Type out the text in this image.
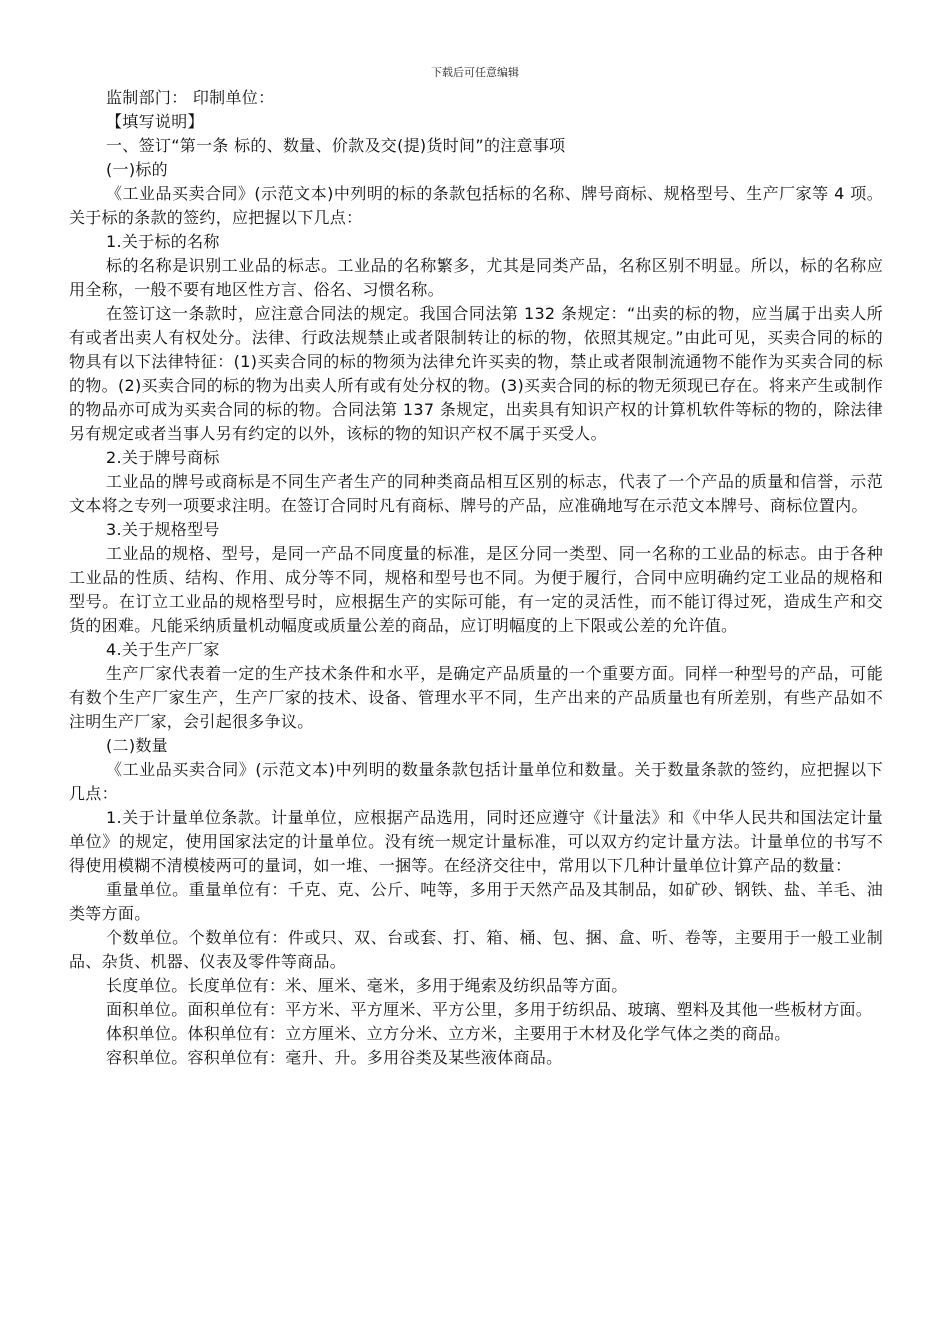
下载后可任意编辑

监制部门： 印制单位：

【填写说明】

一、签订“第一条 标的、数量、价款及交(提)货时间”的注意事项

(一)标的

《工业品买卖合同》(示范文本)中列明的标的条款包括标的名称、牌号商标、规格型号、生产厂家等 4 项。关于标的条款的签约，应把握以下几点：

1.关于标的名称

标的名称是识别工业品的标志。工业品的名称繁多，尤其是同类产品，名称区别不明显。所以，标的名称应用全称，一般不要有地区性方言、俗名、习惯名称。

在签订这一条款时，应注意合同法的规定。我国合同法第 132 条规定：“出卖的标的物，应当属于出卖人所有或者出卖人有权处分。法律、行政法规禁止或者限制转让的标的物，依照其规定。”由此可见，买卖合同的标的物具有以下法律特征：(1)买卖合同的标的物须为法律允许买卖的物，禁止或者限制流通物不能作为买卖合同的标的物。(2)买卖合同的标的物为出卖人所有或有处分权的物。(3)买卖合同的标的物无须现已存在。将来产生或制作的物品亦可成为买卖合同的标的物。合同法第 137 条规定，出卖具有知识产权的计算机软件等标的物的，除法律另有规定或者当事人另有约定的以外，该标的物的知识产权不属于买受人。

2.关于牌号商标

工业品的牌号或商标是不同生产者生产的同种类商品相互区别的标志，代表了一个产品的质量和信誉，示范文本将之专列一项要求注明。在签订合同时凡有商标、牌号的产品，应准确地写在示范文本牌号、商标位置内。

3.关于规格型号

工业品的规格、型号，是同一产品不同度量的标准，是区分同一类型、同一名称的工业品的标志。由于各种工业品的性质、结构、作用、成分等不同，规格和型号也不同。为便于履行，合同中应明确约定工业品的规格和型号。在订立工业品的规格型号时，应根据生产的实际可能，有一定的灵活性，而不能订得过死，造成生产和交货的困难。凡能采纳质量机动幅度或质量公差的商品，应订明幅度的上下限或公差的允许值。

4.关于生产厂家

生产厂家代表着一定的生产技术条件和水平，是确定产品质量的一个重要方面。同样一种型号的产品，可能有数个生产厂家生产，生产厂家的技术、设备、管理水平不同，生产出来的产品质量也有所差别，有些产品如不注明生产厂家，会引起很多争议。

(二)数量

《工业品买卖合同》(示范文本)中列明的数量条款包括计量单位和数量。关于数量条款的签约，应把握以下几点：

1.关于计量单位条款。计量单位，应根据产品选用，同时还应遵守《计量法》和《中华人民共和国法定计量单位》的规定，使用国家法定的计量单位。没有统一规定计量标准，可以双方约定计量方法。计量单位的书写不得使用模糊不清模棱两可的量词，如一堆、一捆等。在经济交往中，常用以下几种计量单位计算产品的数量：

重量单位。重量单位有：千克、克、公斤、吨等，多用于天然产品及其制品，如矿砂、钢铁、盐、羊毛、油类等方面。

个数单位。个数单位有：件或只、双、台或套、打、箱、桶、包、捆、盒、听、卷等，主要用于一般工业制品、杂货、机器、仪表及零件等商品。

长度单位。长度单位有：米、厘米、毫米，多用于绳索及纺织品等方面。

面积单位。面积单位有：平方米、平方厘米、平方公里，多用于纺织品、玻璃、塑料及其他一些板材方面。

体积单位。体积单位有：立方厘米、立方分米、立方米，主要用于木材及化学气体之类的商品。

容积单位。容积单位有：毫升、升。多用谷类及某些液体商品。
